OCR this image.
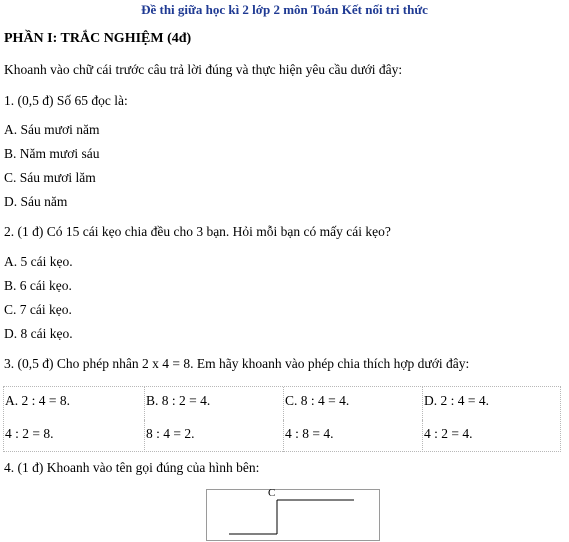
Đề thi giữa học kì 2 lớp 2 môn Toán Kết nối tri thức
PHẦN I: TRẮC NGHIỆM (4đ)
Khoanh vào chữ cái trước câu trả lời đúng và thực hiện yêu cầu dưới đây:
1. (0,5 đ) Số 65 đọc là:
A. Sáu mươi năm
B. Năm mươi sáu
C. Sáu mươi lăm
D. Sáu năm
2. (1 đ) Có 15 cái kẹo chia đều cho 3 bạn. Hỏi mỗi bạn có mấy cái kẹo?
A. 5 cái kẹo.
B. 6 cái kẹo.
C. 7 cái kẹo.
D. 8 cái kẹo.
3. (0,5 đ) Cho phép nhân 2 x 4 = 8. Em hãy khoanh vào phép chia thích hợp dưới đây:
A. 2 : 4 = 8.	B. 8 : 2 = 4.	C. 8 : 4 = 4.	D. 2 : 4 = 4.
4 : 2 = 8.	8 : 4 = 2.	4 : 8 = 4.	4 : 2 = 4.
4. (1 đ) Khoanh vào tên gọi đúng của hình bên:
C
